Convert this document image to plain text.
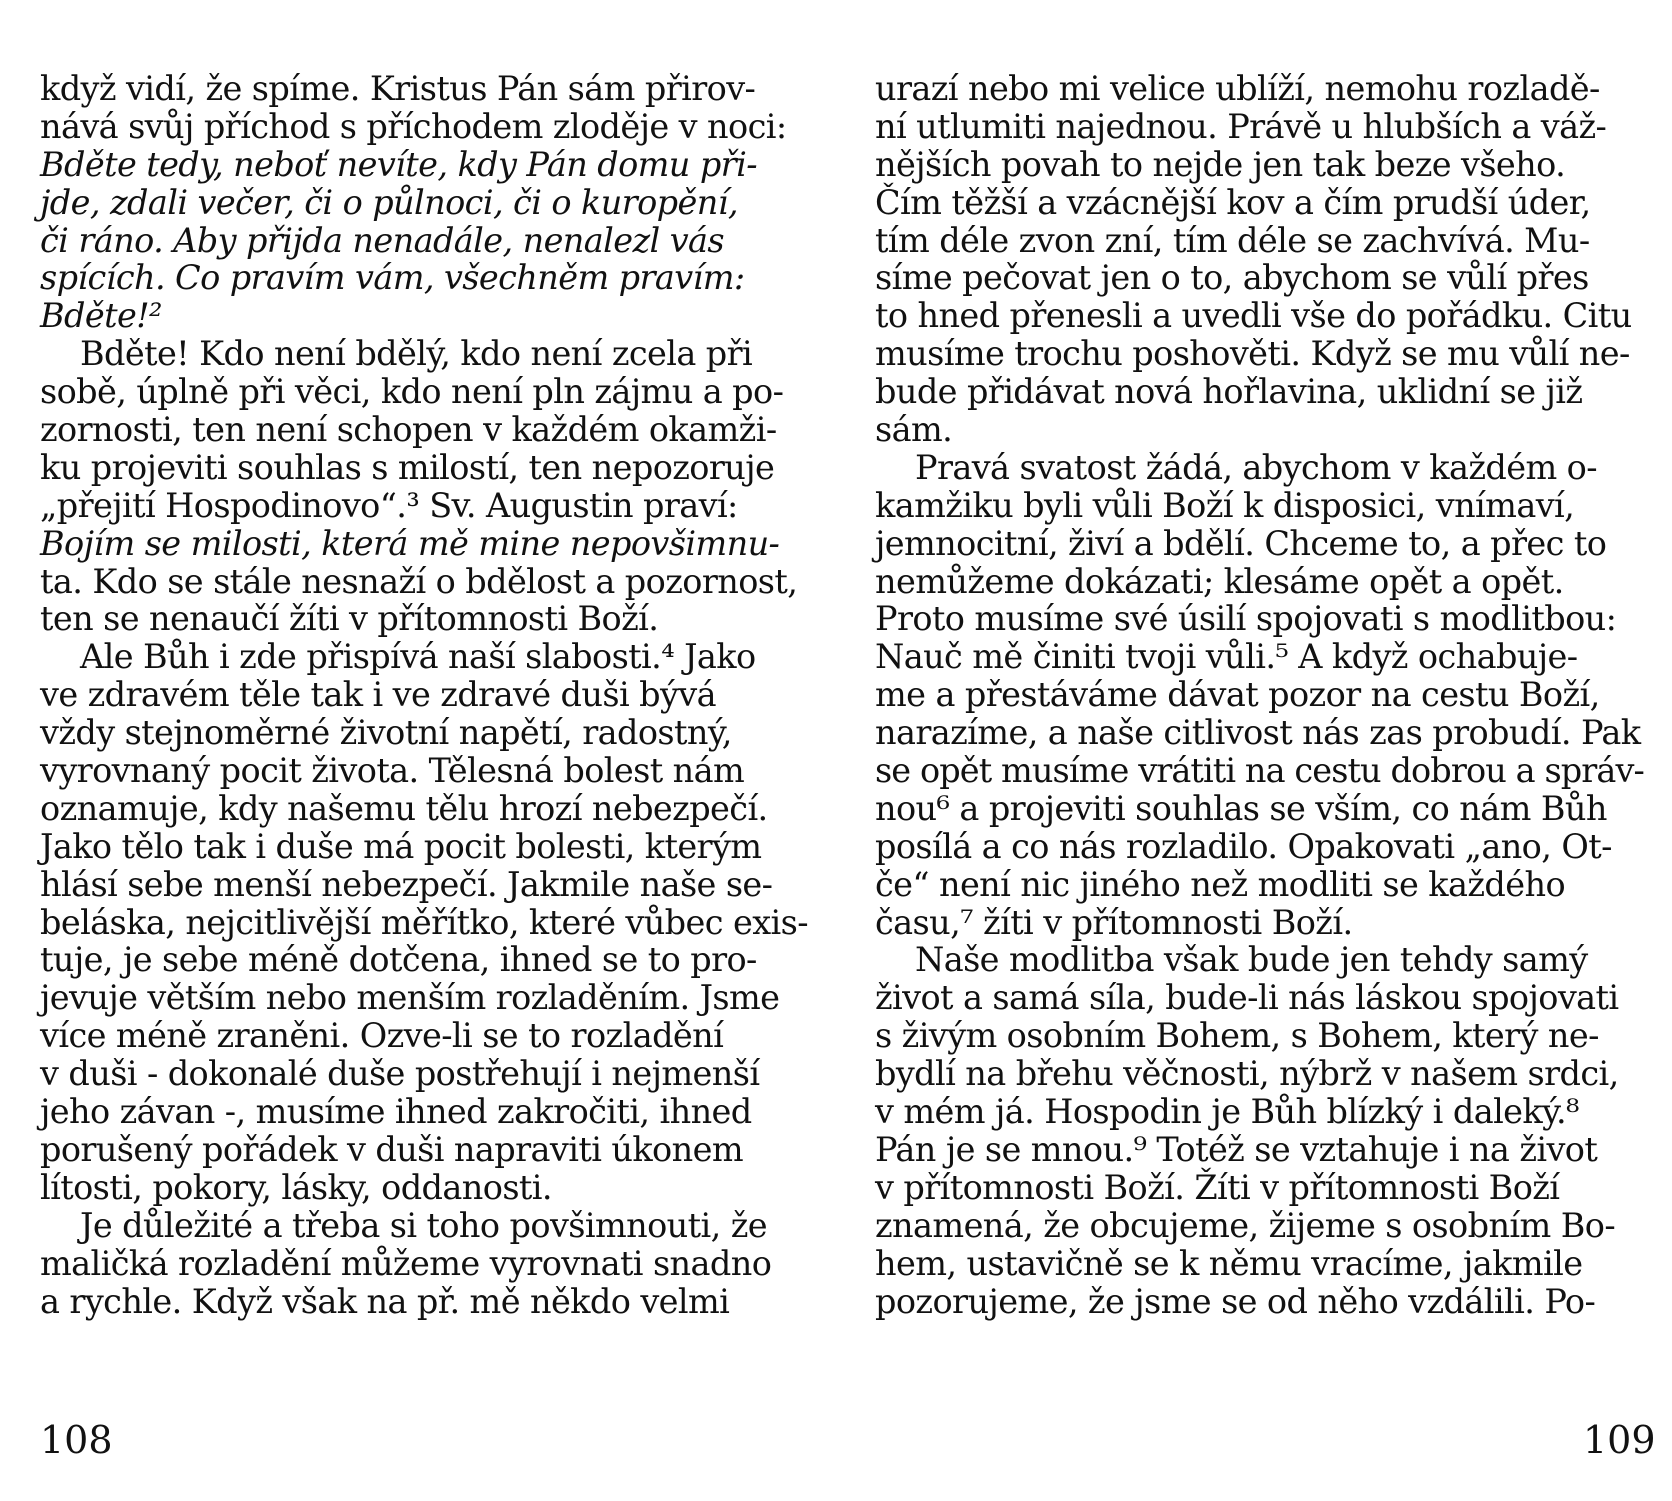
když vidí, že spíme. Kristus Pán sám přirov-
nává svůj příchod s příchodem zloděje v noci:
Bděte tedy, neboť nevíte, kdy Pán domu při-
jde, zdali večer, či o půlnoci, či o kuropění,
či ráno. Aby přijda nenadále, nenalezl vás
spících. Co pravím vám, všechněm pravím:
Bděte!²
Bděte! Kdo není bdělý, kdo není zcela při
sobě, úplně při věci, kdo není pln zájmu a po-
zornosti, ten není schopen v každém okamži-
ku projeviti souhlas s milostí, ten nepozoruje
„přejití Hospodinovo“.³ Sv. Augustin praví:
Bojím se milosti, která mě mine nepovšimnu-
ta. Kdo se stále nesnaží o bdělost a pozornost,
ten se nenaučí žíti v přítomnosti Boží.
Ale Bůh i zde přispívá naší slabosti.⁴ Jako
ve zdravém těle tak i ve zdravé duši bývá
vždy stejnoměrné životní napětí, radostný,
vyrovnaný pocit života. Tělesná bolest nám
oznamuje, kdy našemu tělu hrozí nebezpečí.
Jako tělo tak i duše má pocit bolesti, kterým
hlásí sebe menší nebezpečí. Jakmile naše se-
beláska, nejcitlivější měřítko, které vůbec exis-
tuje, je sebe méně dotčena, ihned se to pro-
jevuje větším nebo menším rozladěním. Jsme
více méně zraněni. Ozve-li se to rozladění
v duši - dokonalé duše postřehují i nejmenší
jeho závan -, musíme ihned zakročiti, ihned
porušený pořádek v duši napraviti úkonem
lítosti, pokory, lásky, oddanosti.
Je důležité a třeba si toho povšimnouti, že
maličká rozladění můžeme vyrovnati snadno
a rychle. Když však na př. mě někdo velmi
urazí nebo mi velice ublíží, nemohu rozladě-
ní utlumiti najednou. Právě u hlubších a váž-
nějších povah to nejde jen tak beze všeho.
Čím těžší a vzácnější kov a čím prudší úder,
tím déle zvon zní, tím déle se zachvívá. Mu-
síme pečovat jen o to, abychom se vůlí přes
to hned přenesli a uvedli vše do pořádku. Citu
musíme trochu poshověti. Když se mu vůlí ne-
bude přidávat nová hořlavina, uklidní se již
sám.
Pravá svatost žádá, abychom v každém o-
kamžiku byli vůli Boží k disposici, vnímaví,
jemnocitní, živí a bdělí. Chceme to, a přec to
nemůžeme dokázati; klesáme opět a opět.
Proto musíme své úsilí spojovati s modlitbou:
Nauč mě činiti tvoji vůli.⁵ A když ochabuje-
me a přestáváme dávat pozor na cestu Boží,
narazíme, a naše citlivost nás zas probudí. Pak
se opět musíme vrátiti na cestu dobrou a správ-
nou⁶ a projeviti souhlas se vším, co nám Bůh
posílá a co nás rozladilo. Opakovati „ano, Ot-
če“ není nic jiného než modliti se každého
času,⁷ žíti v přítomnosti Boží.
Naše modlitba však bude jen tehdy samý
život a samá síla, bude-li nás láskou spojovati
s živým osobním Bohem, s Bohem, který ne-
bydlí na břehu věčnosti, nýbrž v našem srdci,
v mém já. Hospodin je Bůh blízký i daleký.⁸
Pán je se mnou.⁹ Totéž se vztahuje i na život
v přítomnosti Boží. Žíti v přítomnosti Boží
znamená, že obcujeme, žijeme s osobním Bo-
hem, ustavičně se k němu vracíme, jakmile
pozorujeme, že jsme se od něho vzdálili. Po-
108	109
